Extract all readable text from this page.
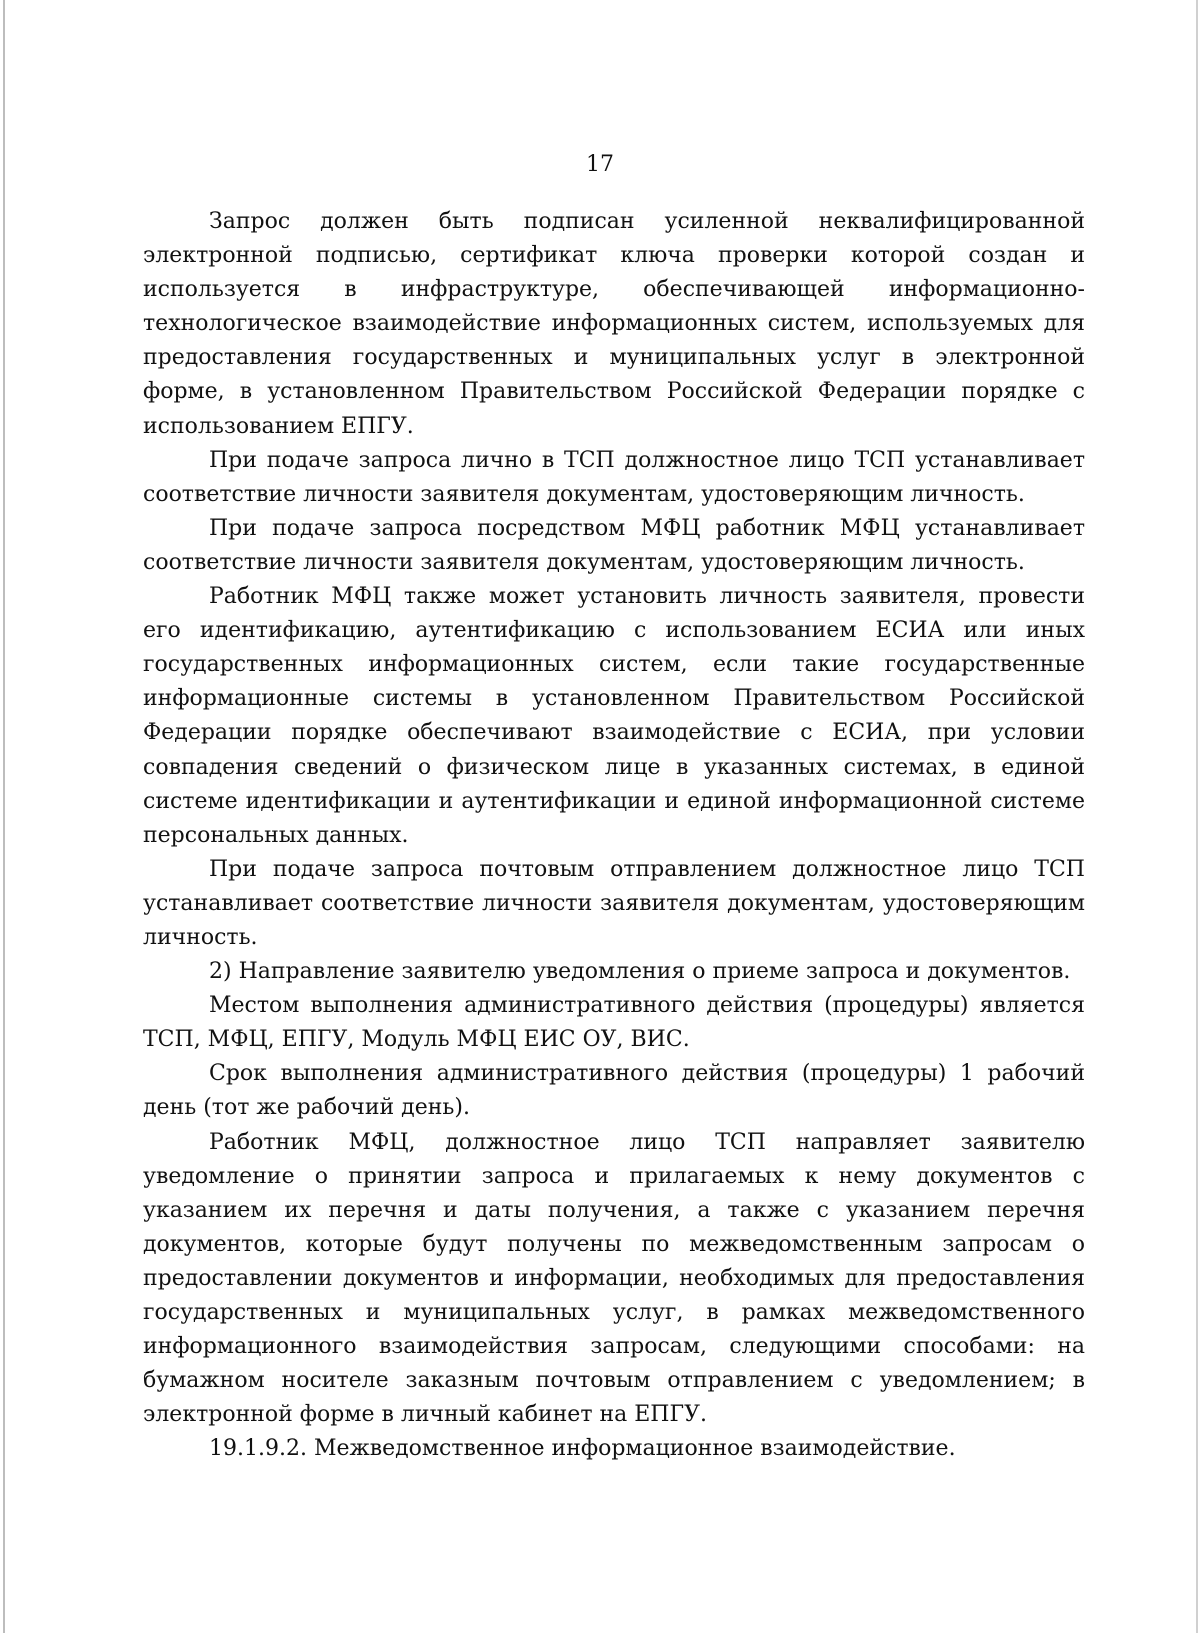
17

Запрос должен быть подписан усиленной неквалифицированной электронной подписью, сертификат ключа проверки которой создан и используется в инфраструктуре, обеспечивающей информационно-технологическое взаимодействие информационных систем, используемых для предоставления государственных и муниципальных услуг в электронной форме, в установленном Правительством Российской Федерации порядке с использованием ЕПГУ.

При подаче запроса лично в ТСП должностное лицо ТСП устанавливает соответствие личности заявителя документам, удостоверяющим личность.

При подаче запроса посредством МФЦ работник МФЦ устанавливает соответствие личности заявителя документам, удостоверяющим личность.

Работник МФЦ также может установить личность заявителя, провести его идентификацию, аутентификацию с использованием ЕСИА или иных государственных информационных систем, если такие государственные информационные системы в установленном Правительством Российской Федерации порядке обеспечивают взаимодействие с ЕСИА, при условии совпадения сведений о физическом лице в указанных системах, в единой системе идентификации и аутентификации и единой информационной системе персональных данных.

При подаче запроса почтовым отправлением должностное лицо ТСП устанавливает соответствие личности заявителя документам, удостоверяющим личность.

2) Направление заявителю уведомления о приеме запроса и документов.

Местом выполнения административного действия (процедуры) является ТСП, МФЦ, ЕПГУ, Модуль МФЦ ЕИС ОУ, ВИС.

Срок выполнения административного действия (процедуры) 1 рабочий день (тот же рабочий день).

Работник МФЦ, должностное лицо ТСП направляет заявителю уведомление о принятии запроса и прилагаемых к нему документов с указанием их перечня и даты получения, а также с указанием перечня документов, которые будут получены по межведомственным запросам о предоставлении документов и информации, необходимых для предоставления государственных и муниципальных услуг, в рамках межведомственного информационного взаимодействия запросам, следующими способами: на бумажном носителе заказным почтовым отправлением с уведомлением; в электронной форме в личный кабинет на ЕПГУ.

19.1.9.2. Межведомственное информационное взаимодействие.
